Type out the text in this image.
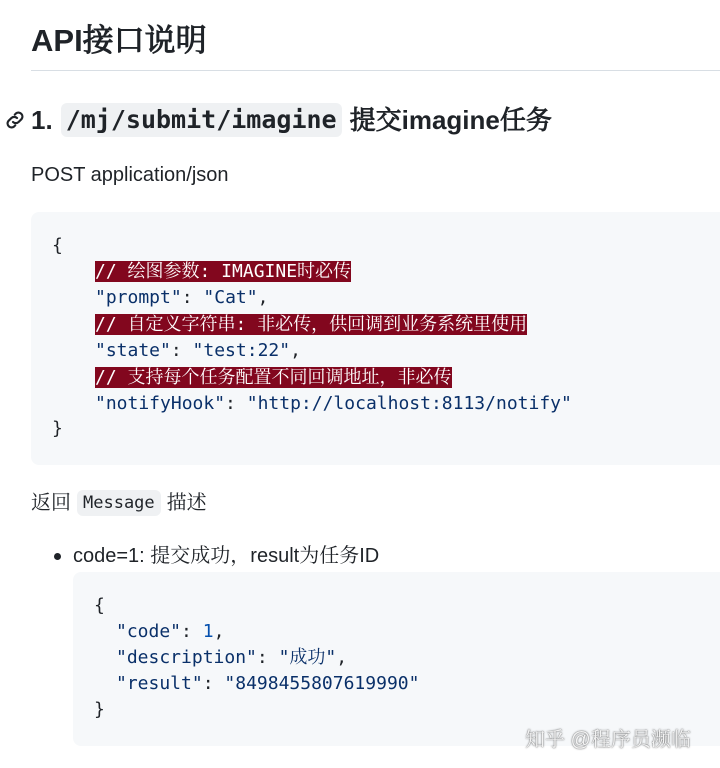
API接口说明
1. /mj/submit/imagine 提交imagine任务
POST application/json
{
// 绘图参数: IMAGINE时必传
"prompt": "Cat",
// 自定义字符串: 非必传，供回调到业务系统里使用
"state": "test:22",
// 支持每个任务配置不同回调地址，非必传
"notifyHook": "http://localhost:8113/notify"
}
返回 Message 描述
code=1: 提交成功，result为任务ID
{
"code": 1,
"description": "成功",
"result": "8498455807619990"
}
知乎 @程序员濒临
